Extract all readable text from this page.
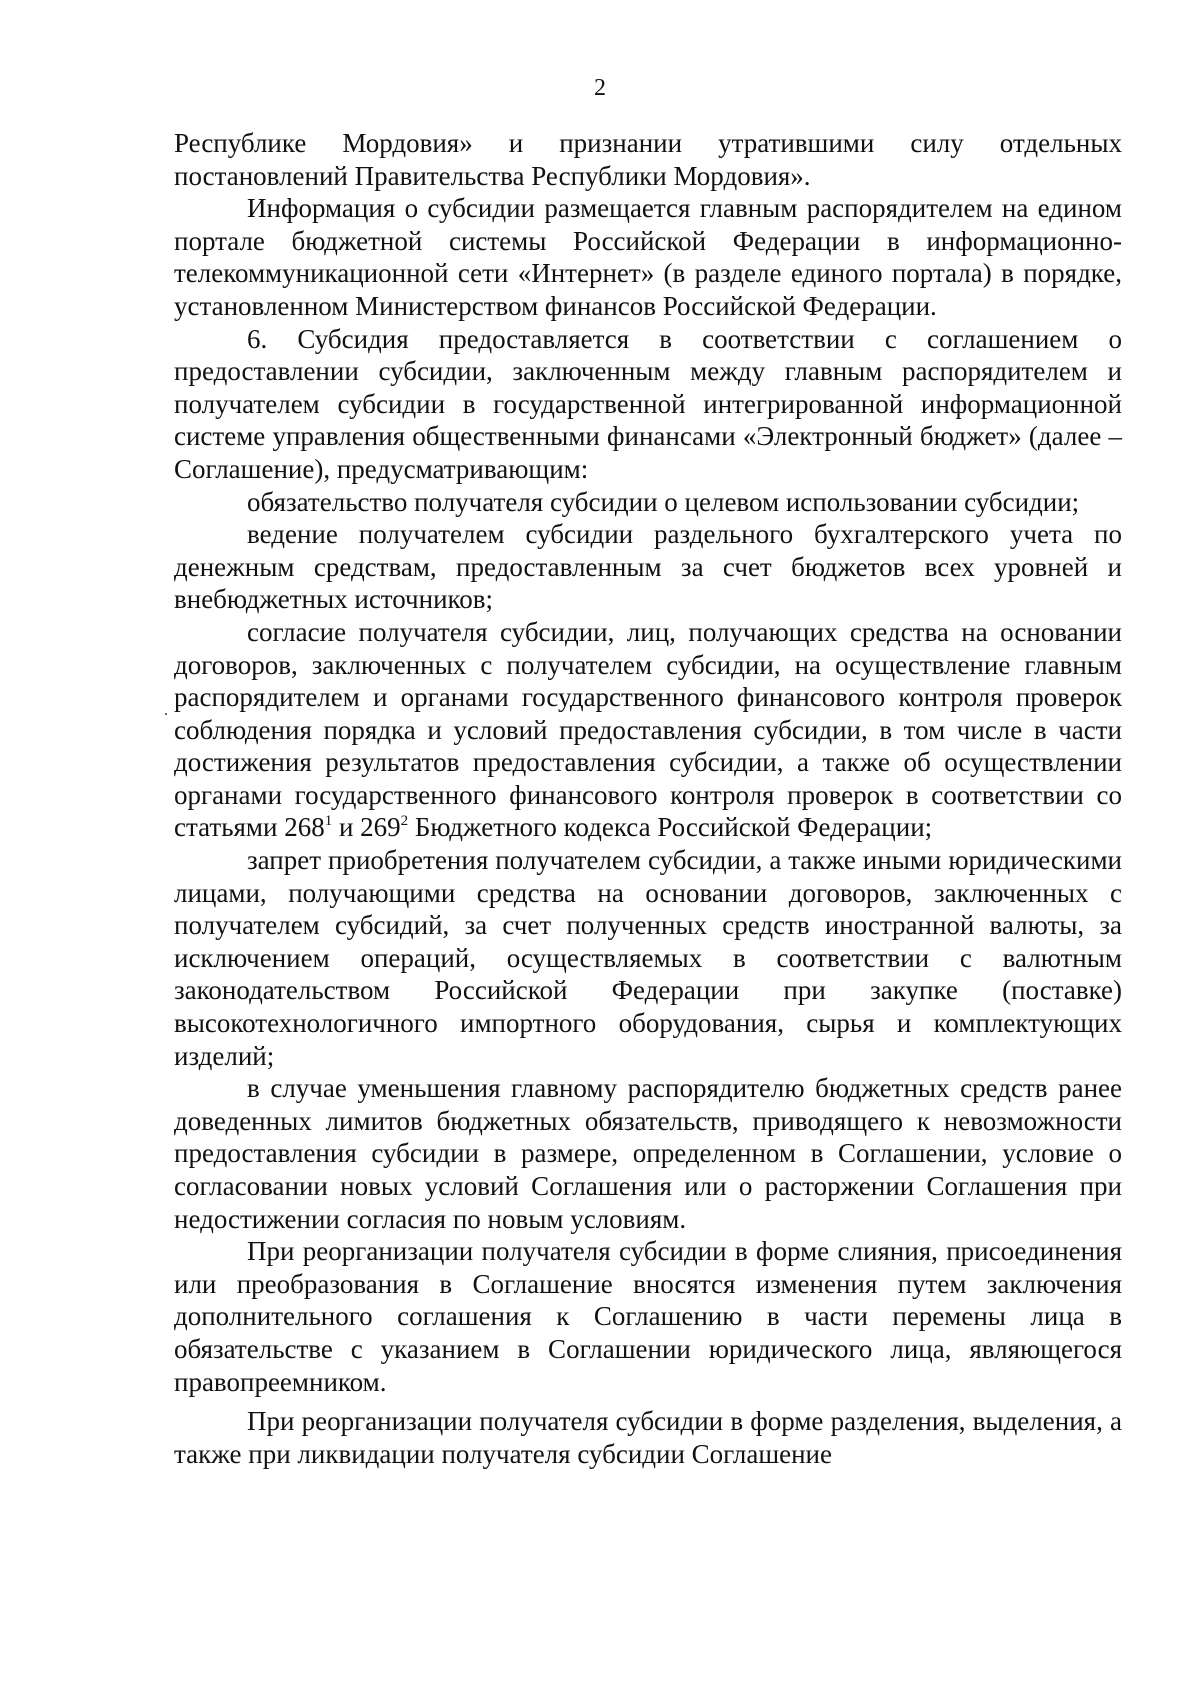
2

Республике Мордовия» и признании утратившими силу отдельных постановлений Правительства Республики Мордовия».

Информация о субсидии размещается главным распорядителем на едином портале бюджетной системы Российской Федерации в информационно-телекоммуникационной сети «Интернет» (в разделе единого портала) в порядке, установленном Министерством финансов Российской Федерации.

6. Субсидия предоставляется в соответствии с соглашением о предоставлении субсидии, заключенным между главным распорядителем и получателем субсидии в государственной интегрированной информационной системе управления общественными финансами «Электронный бюджет» (далее – Соглашение), предусматривающим:

обязательство получателя субсидии о целевом использовании субсидии;

ведение получателем субсидии раздельного бухгалтерского учета по денежным средствам, предоставленным за счет бюджетов всех уровней и внебюджетных источников;

согласие получателя субсидии, лиц, получающих средства на основании договоров, заключенных с получателем субсидии, на осуществление главным распорядителем и органами государственного финансового контроля проверок соблюдения порядка и условий предоставления субсидии, в том числе в части достижения результатов предоставления субсидии, а также об осуществлении органами государственного финансового контроля проверок в соответствии со статьями $268^1$ и $269^2$ Бюджетного кодекса Российской Федерации;

запрет приобретения получателем субсидии, а также иными юридическими лицами, получающими средства на основании договоров, заключенных с получателем субсидий, за счет полученных средств иностранной валюты, за исключением операций, осуществляемых в соответствии с валютным законодательством Российской Федерации при закупке (поставке) высокотехнологичного импортного оборудования, сырья и комплектующих изделий;

в случае уменьшения главному распорядителю бюджетных средств ранее доведенных лимитов бюджетных обязательств, приводящего к невозможности предоставления субсидии в размере, определенном в Соглашении, условие о согласовании новых условий Соглашения или о расторжении Соглашения при недостижении согласия по новым условиям.

При реорганизации получателя субсидии в форме слияния, присоединения или преобразования в Соглашение вносятся изменения путем заключения дополнительного соглашения к Соглашению в части перемены лица в обязательстве с указанием в Соглашении юридического лица, являющегося правопреемником.

При реорганизации получателя субсидии в форме разделения, выделения, а также при ликвидации получателя субсидии Соглашение
